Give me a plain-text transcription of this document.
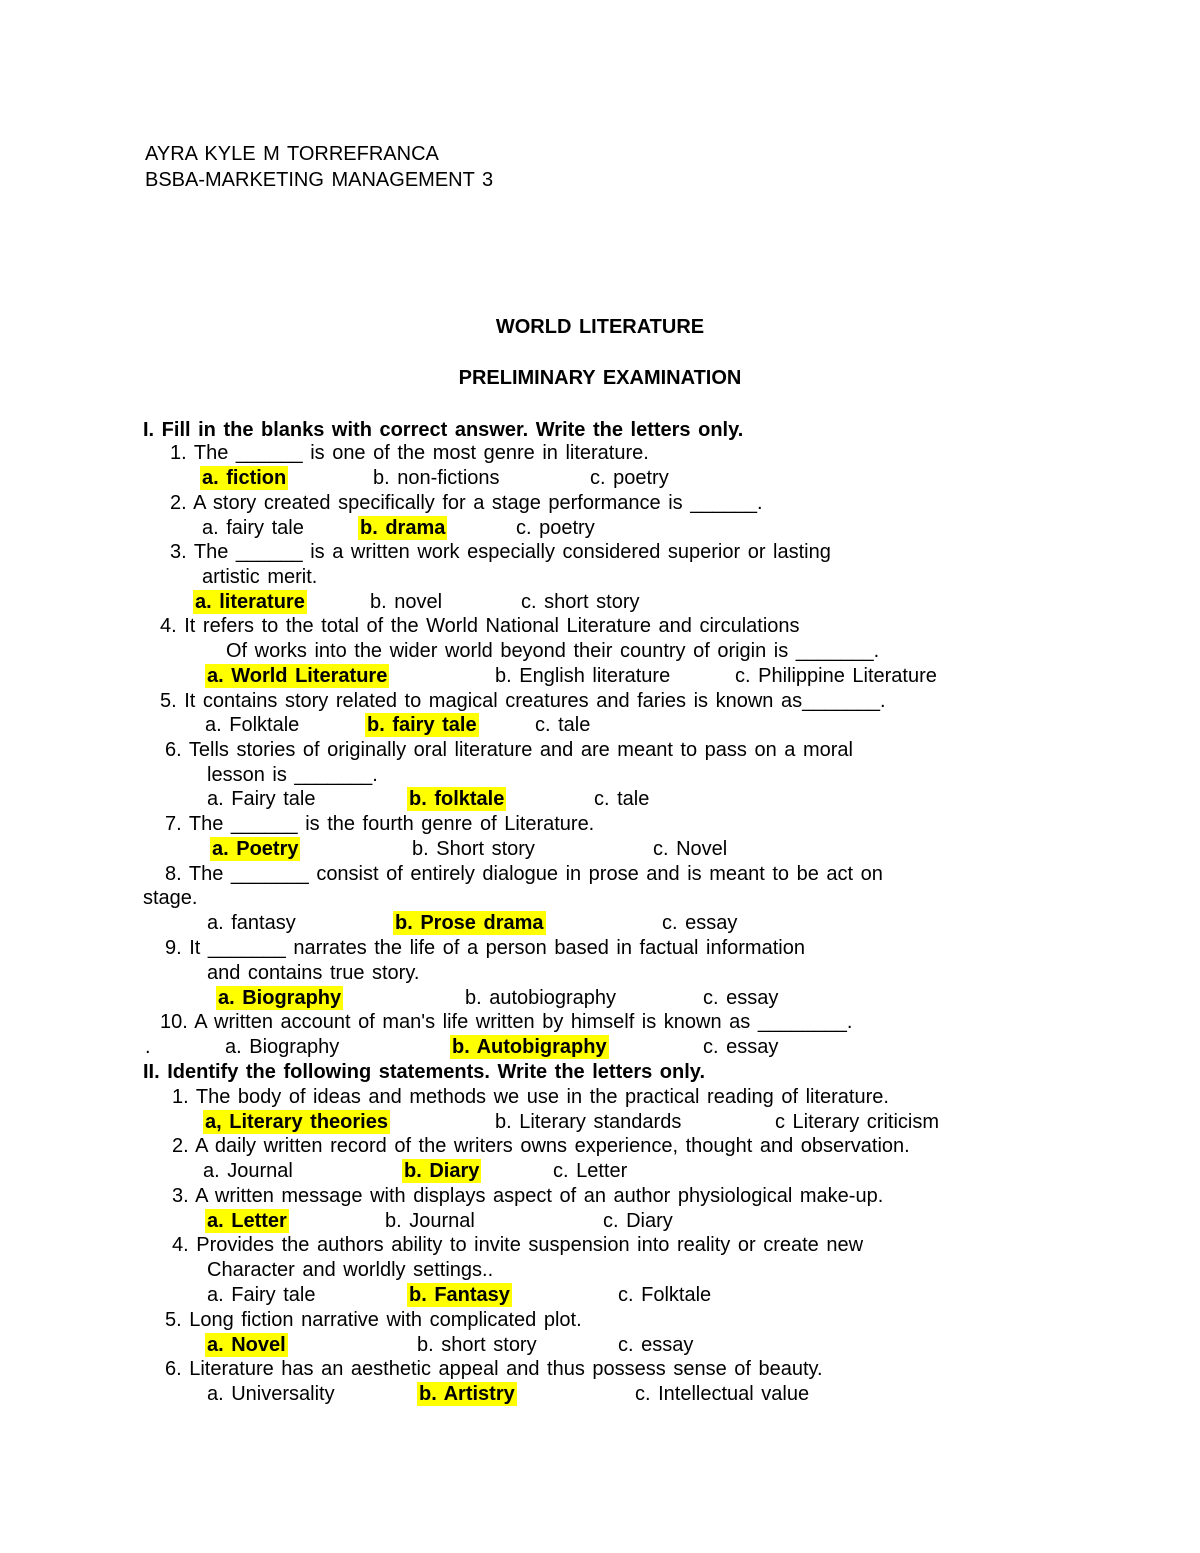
AYRA KYLE M TORREFRANCA
BSBA-MARKETING MANAGEMENT 3
WORLD LITERATURE
PRELIMINARY EXAMINATION
I. Fill in the blanks with correct answer. Write the letters only.
1. The ______ is one of the most genre in literature.
a. fiction	b. non-fictions	c. poetry
2. A story created specifically for a stage performance is ______.
a. fairy tale	b. drama	c. poetry
3. The ______ is a written work especially considered superior or lasting
artistic merit.
a. literature	b. novel	c. short story
4. It refers to the total of the World National Literature and circulations
Of works into the wider world beyond their country of origin is _______.
a. World Literature	b. English literature	c. Philippine Literature
5. It contains story related to magical creatures and faries is known as_______.
a. Folktale	b. fairy tale	c. tale
6. Tells stories of originally oral literature and are meant to pass on a moral
lesson is _______.
a. Fairy tale	b. folktale	c. tale
7. The ______ is the fourth genre of Literature.
a. Poetry	b. Short story	c. Novel
8. The _______ consist of entirely dialogue in prose and is meant to be act on
stage.
a. fantasy	b. Prose drama	c. essay
9. It _______ narrates the life of a person based in factual information
and contains true story.
a. Biography	b. autobiography	c. essay
10. A written account of man's life written by himself is known as ________.
.	a. Biography	b. Autobigraphy	c. essay
II. Identify the following statements. Write the letters only.
1. The body of ideas and methods we use in the practical reading of literature.
a, Literary theories	b. Literary standards	c Literary criticism
2. A daily written record of the writers owns experience, thought and observation.
a. Journal	b. Diary	c. Letter
3. A written message with displays aspect of an author physiological make-up.
a. Letter	b. Journal	c. Diary
4. Provides the authors ability to invite suspension into reality or create new
Character and worldly settings..
a. Fairy tale	b. Fantasy	c. Folktale
5. Long fiction narrative with complicated plot.
a. Novel	b. short story	c. essay
6. Literature has an aesthetic appeal and thus possess sense of beauty.
a. Universality	b. Artistry	c. Intellectual value
